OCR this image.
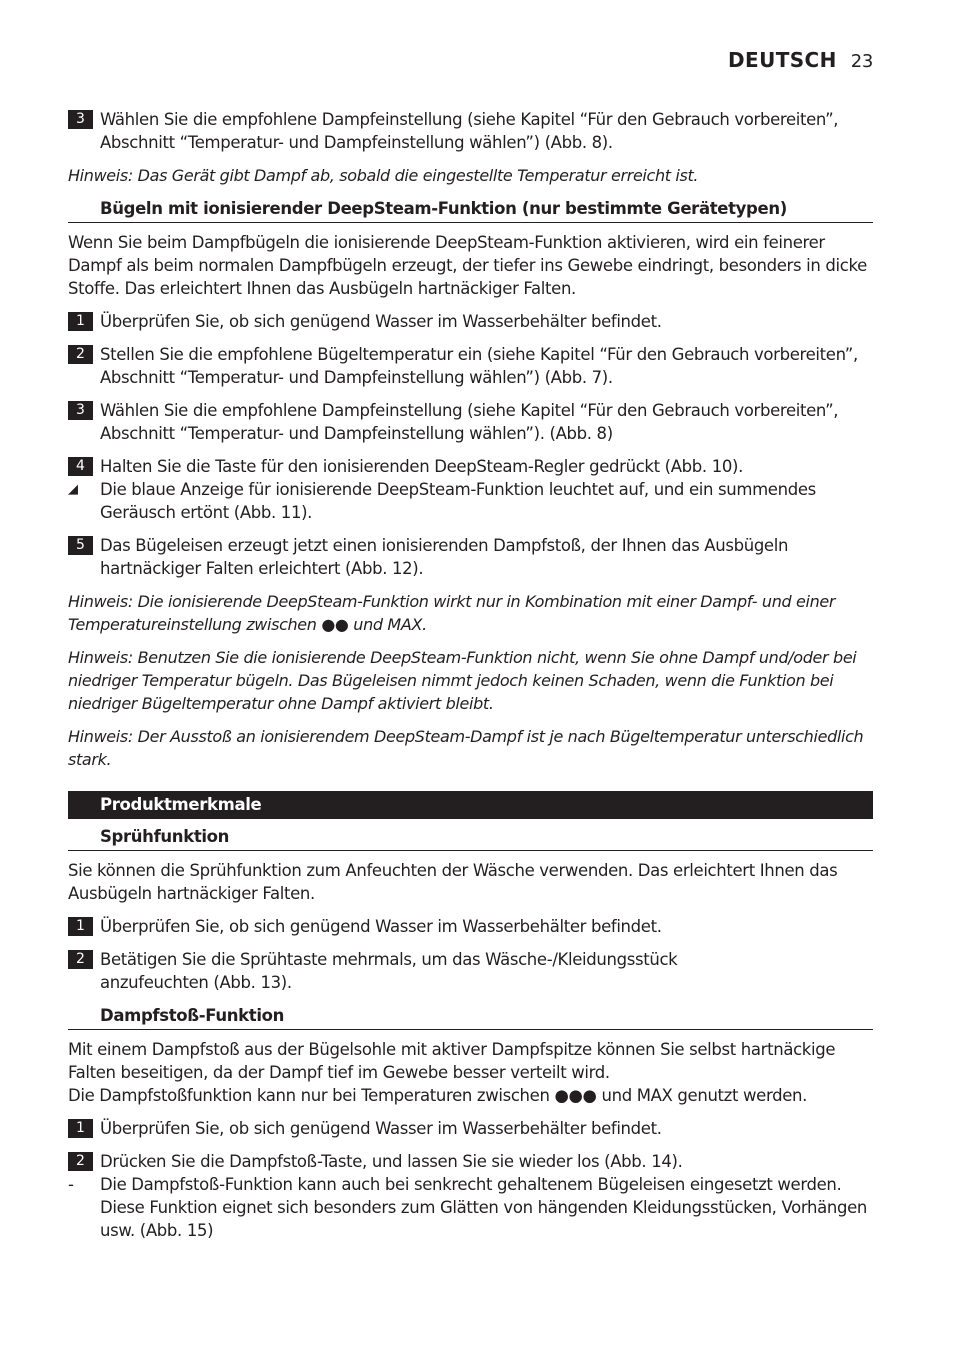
DEUTSCH 23
3 Wählen Sie die empfohlene Dampfeinstellung (siehe Kapitel “Für den Gebrauch vorbereiten”, Abschnitt “Temperatur- und Dampfeinstellung wählen”) (Abb. 8).
Hinweis: Das Gerät gibt Dampf ab, sobald die eingestellte Temperatur erreicht ist.
Bügeln mit ionisierender DeepSteam-Funktion (nur bestimmte Gerätetypen)
Wenn Sie beim Dampfbügeln die ionisierende DeepSteam-Funktion aktivieren, wird ein feinerer Dampf als beim normalen Dampfbügeln erzeugt, der tiefer ins Gewebe eindringt, besonders in dicke Stoffe. Das erleichtert Ihnen das Ausbügeln hartnäckiger Falten.
1 Überprüfen Sie, ob sich genügend Wasser im Wasserbehälter befindet.
2 Stellen Sie die empfohlene Bügeltemperatur ein (siehe Kapitel “Für den Gebrauch vorbereiten”, Abschnitt “Temperatur- und Dampfeinstellung wählen”) (Abb. 7).
3 Wählen Sie die empfohlene Dampfeinstellung (siehe Kapitel “Für den Gebrauch vorbereiten”, Abschnitt “Temperatur- und Dampfeinstellung wählen”). (Abb. 8)
4 Halten Sie die Taste für den ionisierenden DeepSteam-Regler gedrückt (Abb. 10).
◢ Die blaue Anzeige für ionisierende DeepSteam-Funktion leuchtet auf, und ein summendes Geräusch ertönt (Abb. 11).
5 Das Bügeleisen erzeugt jetzt einen ionisierenden Dampfstoß, der Ihnen das Ausbügeln hartnäckiger Falten erleichtert (Abb. 12).
Hinweis: Die ionisierende DeepSteam-Funktion wirkt nur in Kombination mit einer Dampf- und einer Temperatureinstellung zwischen ●● und MAX.
Hinweis: Benutzen Sie die ionisierende DeepSteam-Funktion nicht, wenn Sie ohne Dampf und/oder bei niedriger Temperatur bügeln. Das Bügeleisen nimmt jedoch keinen Schaden, wenn die Funktion bei niedriger Bügeltemperatur ohne Dampf aktiviert bleibt.
Hinweis: Der Ausstoß an ionisierendem DeepSteam-Dampf ist je nach Bügeltemperatur unterschiedlich stark.
Produktmerkmale
Sprühfunktion
Sie können die Sprühfunktion zum Anfeuchten der Wäsche verwenden. Das erleichtert Ihnen das Ausbügeln hartnäckiger Falten.
1 Überprüfen Sie, ob sich genügend Wasser im Wasserbehälter befindet.
2 Betätigen Sie die Sprühtaste mehrmals, um das Wäsche-/Kleidungsstück anzufeuchten (Abb. 13).
Dampfstoß-Funktion
Mit einem Dampfstoß aus der Bügelsohle mit aktiver Dampfspitze können Sie selbst hartnäckige Falten beseitigen, da der Dampf tief im Gewebe besser verteilt wird.
Die Dampfstoßfunktion kann nur bei Temperaturen zwischen ●●● und MAX genutzt werden.
1 Überprüfen Sie, ob sich genügend Wasser im Wasserbehälter befindet.
2 Drücken Sie die Dampfstoß-Taste, und lassen Sie sie wieder los (Abb. 14).
- Die Dampfstoß-Funktion kann auch bei senkrecht gehaltenem Bügeleisen eingesetzt werden. Diese Funktion eignet sich besonders zum Glätten von hängenden Kleidungsstücken, Vorhängen usw. (Abb. 15)
